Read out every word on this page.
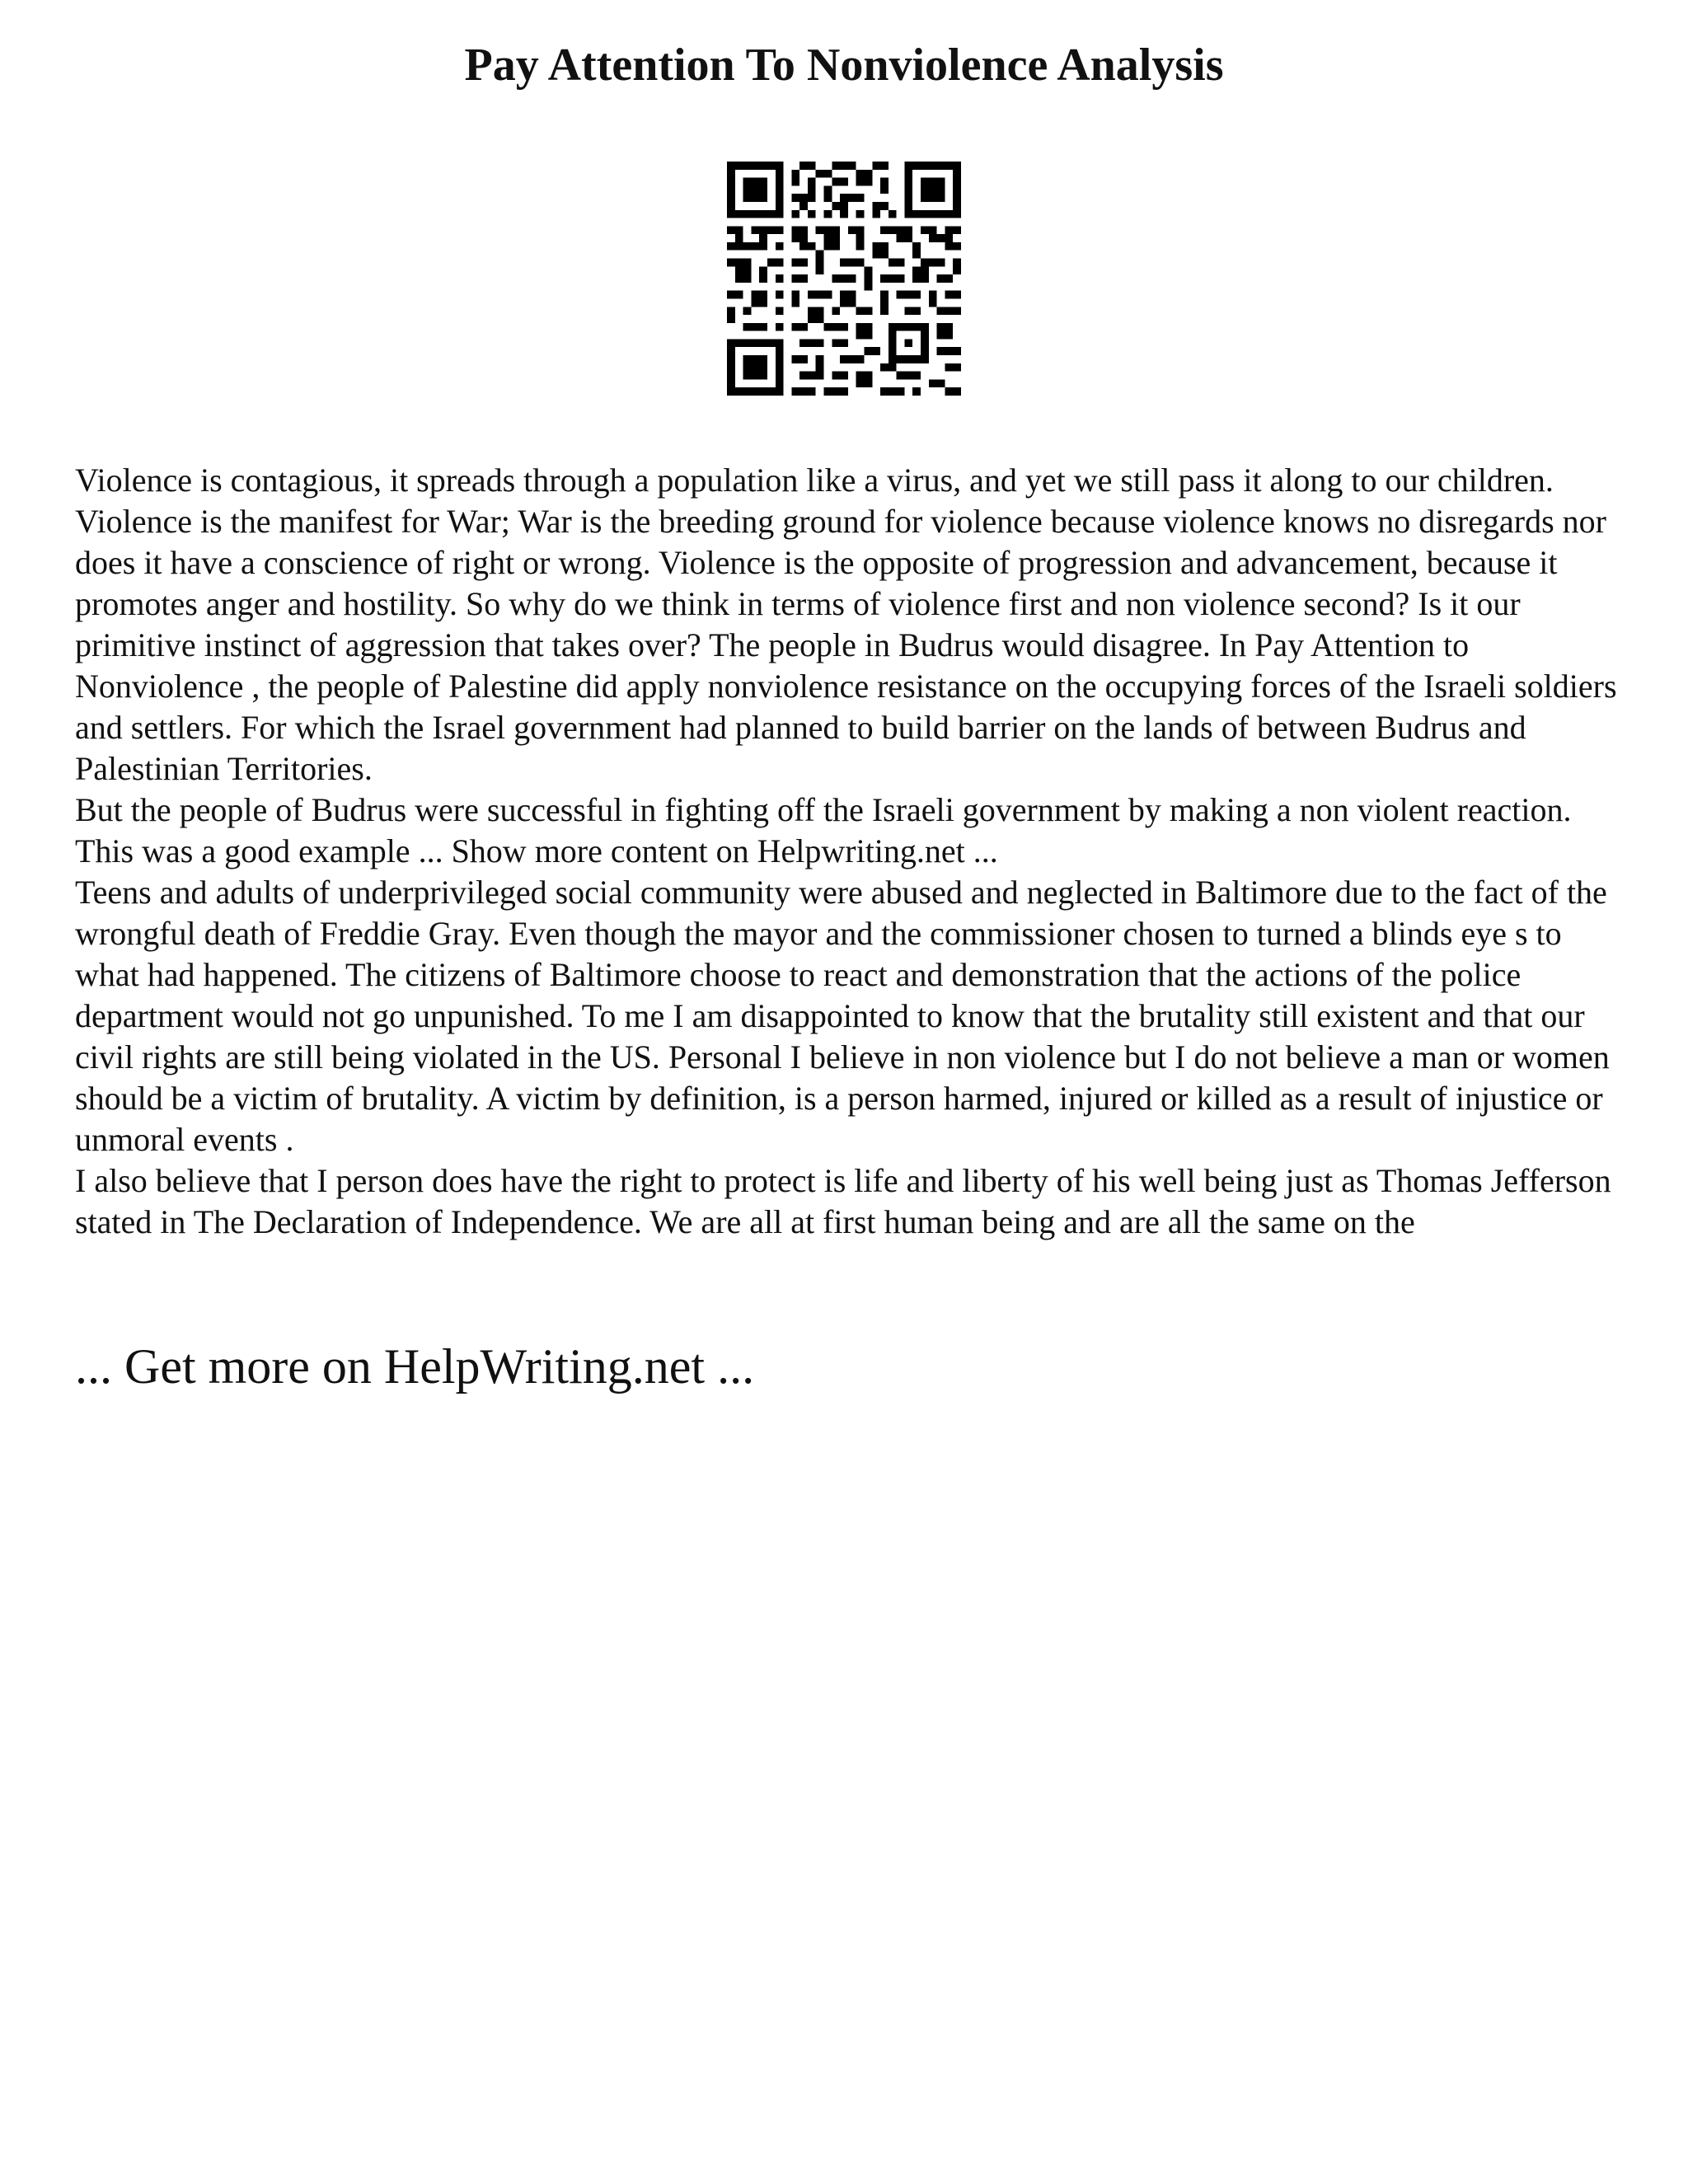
Pay Attention To Nonviolence Analysis

Violence is contagious, it spreads through a population like a virus, and yet we still pass it along to our children. Violence is the manifest for War; War is the breeding ground for violence because violence knows no disregards nor does it have a conscience of right or wrong. Violence is the opposite of progression and advancement, because it promotes anger and hostility. So why do we think in terms of violence first and non violence second? Is it our primitive instinct of aggression that takes over? The people in Budrus would disagree. In Pay Attention to Nonviolence , the people of Palestine did apply nonviolence resistance on the occupying forces of the Israeli soldiers and settlers. For which the Israel government had planned to build barrier on the lands of between Budrus and Palestinian Territories.

But the people of Budrus were successful in fighting off the Israeli government by making a non violent reaction. This was a good example ... Show more content on Helpwriting.net ...

Teens and adults of underprivileged social community were abused and neglected in Baltimore due to the fact of the wrongful death of Freddie Gray. Even though the mayor and the commissioner chosen to turned a blinds eye s to what had happened. The citizens of Baltimore choose to react and demonstration that the actions of the police department would not go unpunished. To me I am disappointed to know that the brutality still existent and that our civil rights are still being violated in the US. Personal I believe in non violence but I do not believe a man or women should be a victim of brutality. A victim by definition, is a person harmed, injured or killed as a result of injustice or unmoral events .

I also believe that I person does have the right to protect is life and liberty of his well being just as Thomas Jefferson stated in The Declaration of Independence. We are all at first human being and are all the same on the

... Get more on HelpWriting.net ...
